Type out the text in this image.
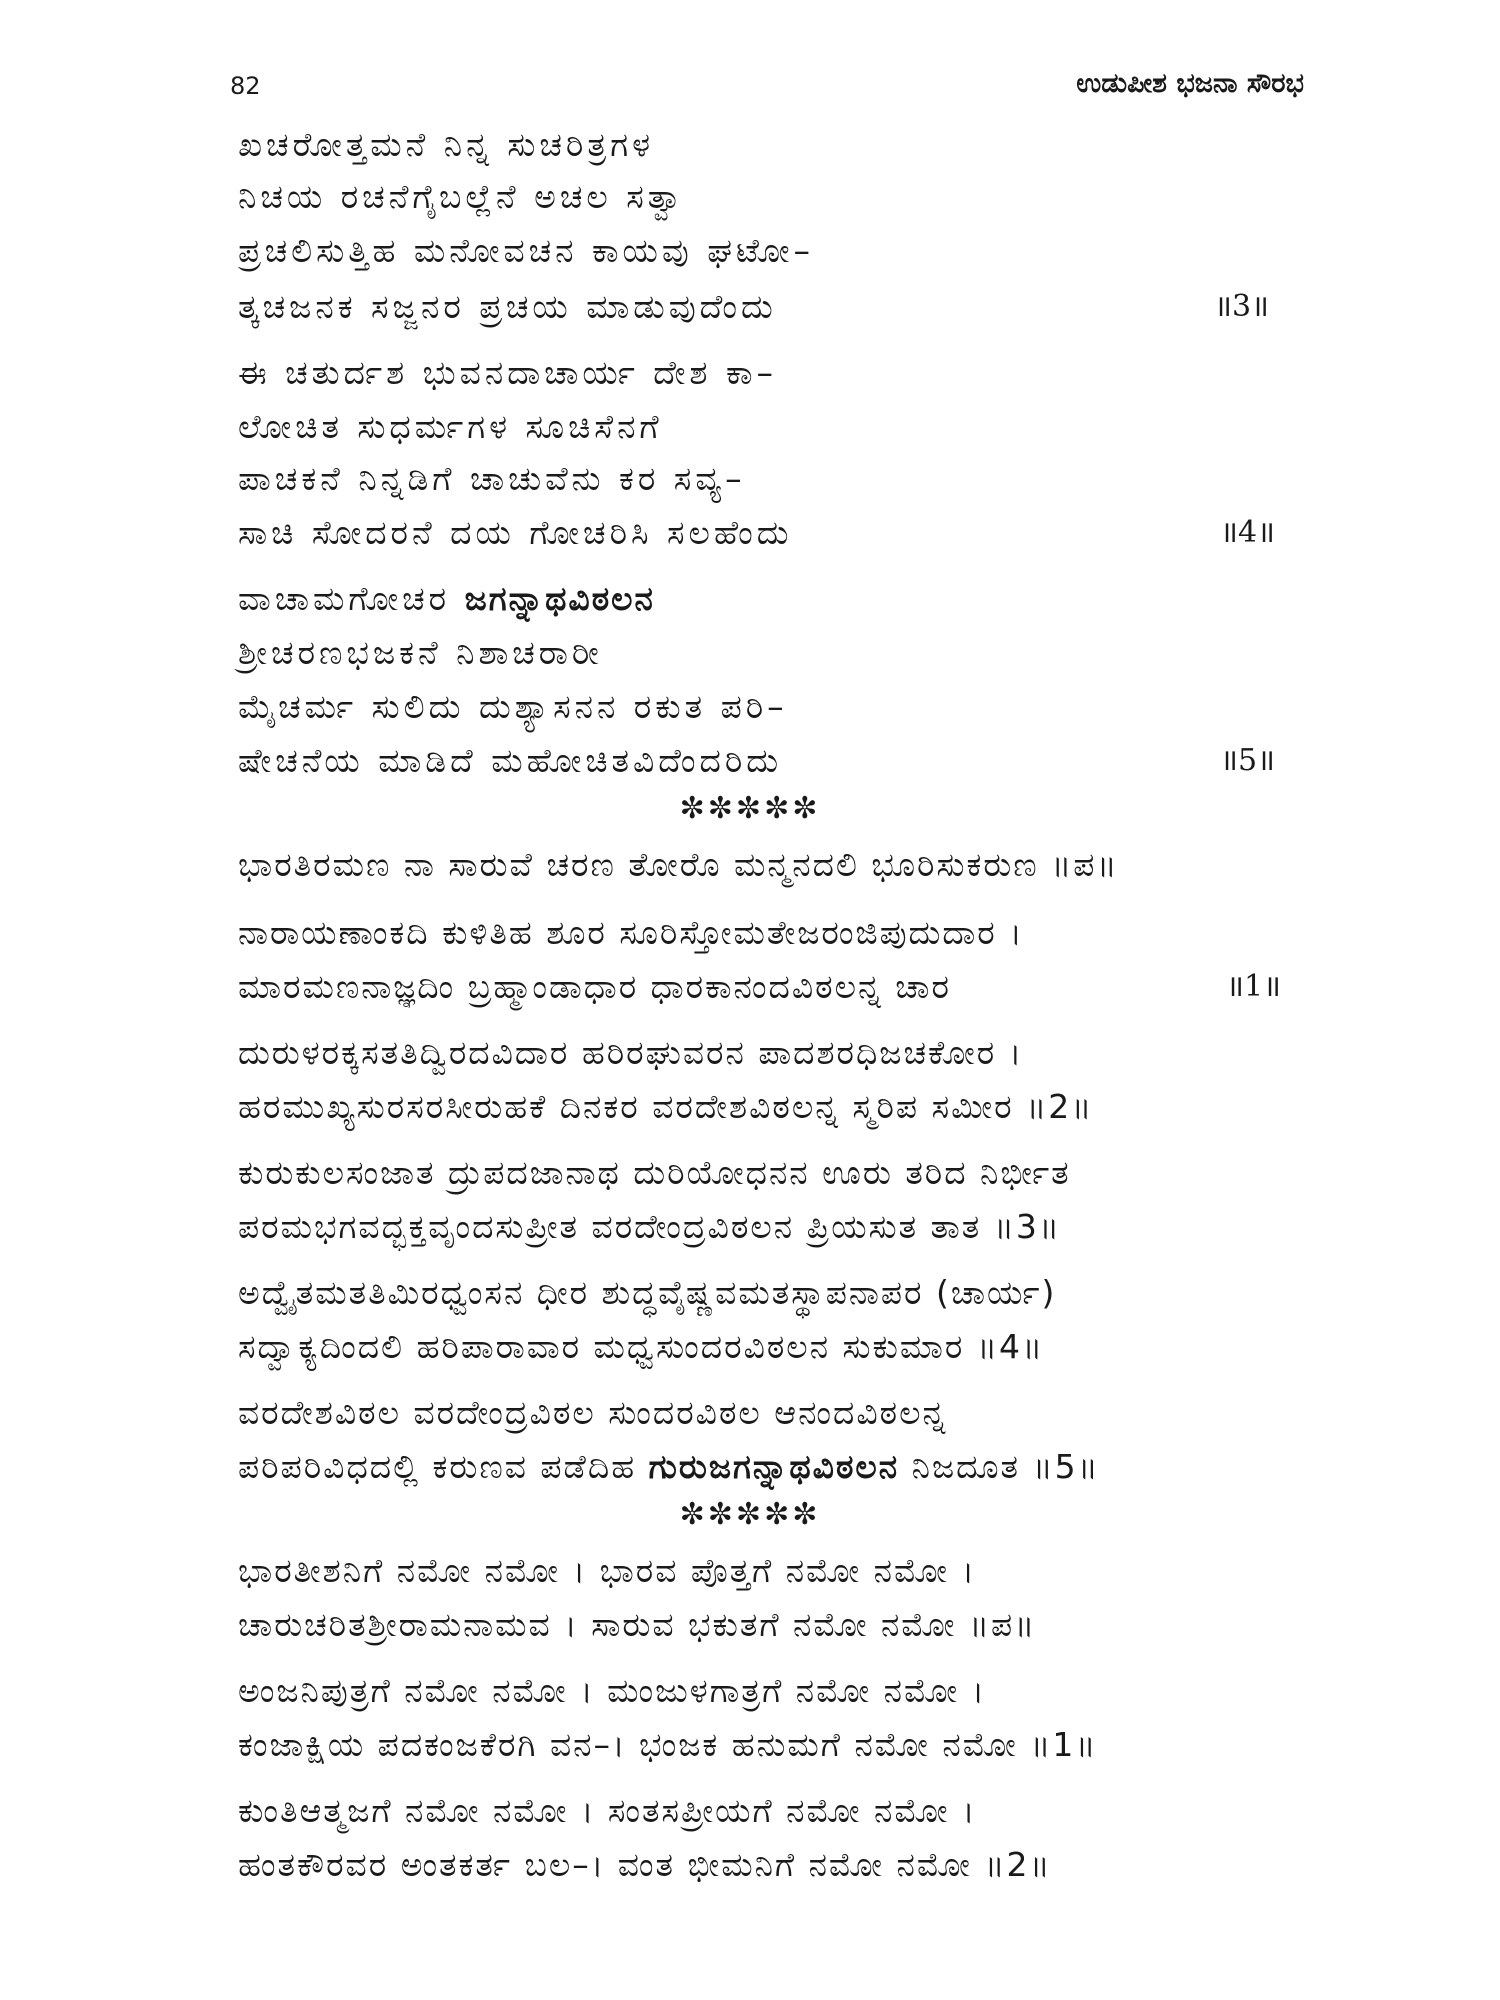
82	ಉಡುಪೀಶ ಭಜನಾ ಸೌರಭ
ಖಚರೋತ್ತಮನೆ ನಿನ್ನ ಸುಚರಿತ್ರಗಳ
ನಿಚಯ ರಚನೆಗೈಬಲ್ಲೆನೆ ಅಚಲ ಸತ್ವಾ
ಪ್ರಚಲಿಸುತ್ತಿಹ ಮನೋವಚನ ಕಾಯವು ಘಟೋ–
ತ್ಕಚಜನಕ ಸಜ್ಜನರ ಪ್ರಚಯ ಮಾಡುವುದೆಂದು	॥3॥
ಈ ಚತುರ್ದಶ ಭುವನದಾಚಾರ್ಯ ದೇಶ ಕಾ–
ಲೋಚಿತ ಸುಧರ್ಮಗಳ ಸೂಚಿಸೆನಗೆ
ಪಾಚಕನೆ ನಿನ್ನಡಿಗೆ ಚಾಚುವೆನು ಕರ ಸವ್ಯ–
ಸಾಚಿ ಸೋದರನೆ ದಯ ಗೋಚರಿಸಿ ಸಲಹೆಂದು	॥4॥
ವಾಚಾಮಗೋಚರ ಜಗನ್ನಾಥವಿಠಲನ
ಶ್ರೀಚರಣಭಜಕನೆ ನಿಶಾಚರಾರೀ
ಮೈಚರ್ಮ ಸುಲಿದು ದುಶ್ಯಾಸನನ ರಕುತ ಪರಿ–
ಷೇಚನೆಯ ಮಾಡಿದೆ ಮಹೋಚಿತವಿದೆಂದರಿದು	॥5॥
✼✼✼✼✼
ಭಾರತಿರಮಣ ನಾ ಸಾರುವೆ ಚರಣ ತೋರೊ ಮನ್ಮನದಲಿ ಭೂರಿಸುಕರುಣ ॥ಪ॥
ನಾರಾಯಣಾಂಕದಿ ಕುಳಿತಿಹ ಶೂರ ಸೂರಿಸ್ತೋಮತೇಜರಂಜಿಪುದುದಾರ ।
ಮಾರಮಣನಾಜ್ಞದಿಂ ಬ್ರಹ್ಮಾಂಡಾಧಾರ ಧಾರಕಾನಂದವಿಠಲನ್ನ ಚಾರ	॥1॥
ದುರುಳರಕ್ಕಸತತಿದ್ವಿರದವಿದಾರ ಹರಿರಘುವರನ ಪಾದಶರಧಿಜಚಕೋರ ।
ಹರಮುಖ್ಯಸುರಸರಸೀರುಹಕೆ ದಿನಕರ ವರದೇಶವಿಠಲನ್ನ ಸ್ಮರಿಪ ಸಮೀರ ॥2॥
ಕುರುಕುಲಸಂಜಾತ ದ್ರುಪದಜಾನಾಥ ದುರಿಯೋಧನನ ಊರು ತರಿದ ನಿರ್ಭೀತ
ಪರಮಭಗವದ್ಭಕ್ತವೃಂದಸುಪ್ರೀತ ವರದೇಂದ್ರವಿಠಲನ ಪ್ರಿಯಸುತ ತಾತ ॥3॥
ಅದ್ವೈತಮತತಿಮಿರಧ್ವಂಸನ ಧೀರ ಶುದ್ಧವೈಷ್ಣವಮತಸ್ಥಾಪನಾಪರ (ಚಾರ್ಯ)
ಸದ್ವಾಕ್ಯದಿಂದಲಿ ಹರಿಪಾರಾವಾರ ಮಧ್ವಸುಂದರವಿಠಲನ ಸುಕುಮಾರ ॥4॥
ವರದೇಶವಿಠಲ ವರದೇಂದ್ರವಿಠಲ ಸುಂದರವಿಠಲ ಆನಂದವಿಠಲನ್ನ
ಪರಿಪರಿವಿಧದಲ್ಲಿ ಕರುಣವ ಪಡೆದಿಹ ಗುರುಜಗನ್ನಾಥವಿಠಲನ ನಿಜದೂತ ॥5॥
✼✼✼✼✼
ಭಾರತೀಶನಿಗೆ ನಮೋ ನಮೋ । ಭಾರವ ಪೊತ್ತಗೆ ನಮೋ ನಮೋ ।
ಚಾರುಚರಿತಶ್ರೀರಾಮನಾಮವ । ಸಾರುವ ಭಕುತಗೆ ನಮೋ ನಮೋ ॥ಪ॥
ಅಂಜನಿಪುತ್ರಗೆ ನಮೋ ನಮೋ । ಮಂಜುಳಗಾತ್ರಗೆ ನಮೋ ನಮೋ ।
ಕಂಜಾಕ್ಷಿಯ ಪದಕಂಜಕೆರಗಿ ವನ–। ಭಂಜಕ ಹನುಮಗೆ ನಮೋ ನಮೋ ॥1॥
ಕುಂತಿಆತ್ಮಜಗೆ ನಮೋ ನಮೋ । ಸಂತಸಪ್ರೀಯಗೆ ನಮೋ ನಮೋ ।
ಹಂತಕೌರವರ ಅಂತಕರ್ತ ಬಲ–। ವಂತ ಭೀಮನಿಗೆ ನಮೋ ನಮೋ ॥2॥
